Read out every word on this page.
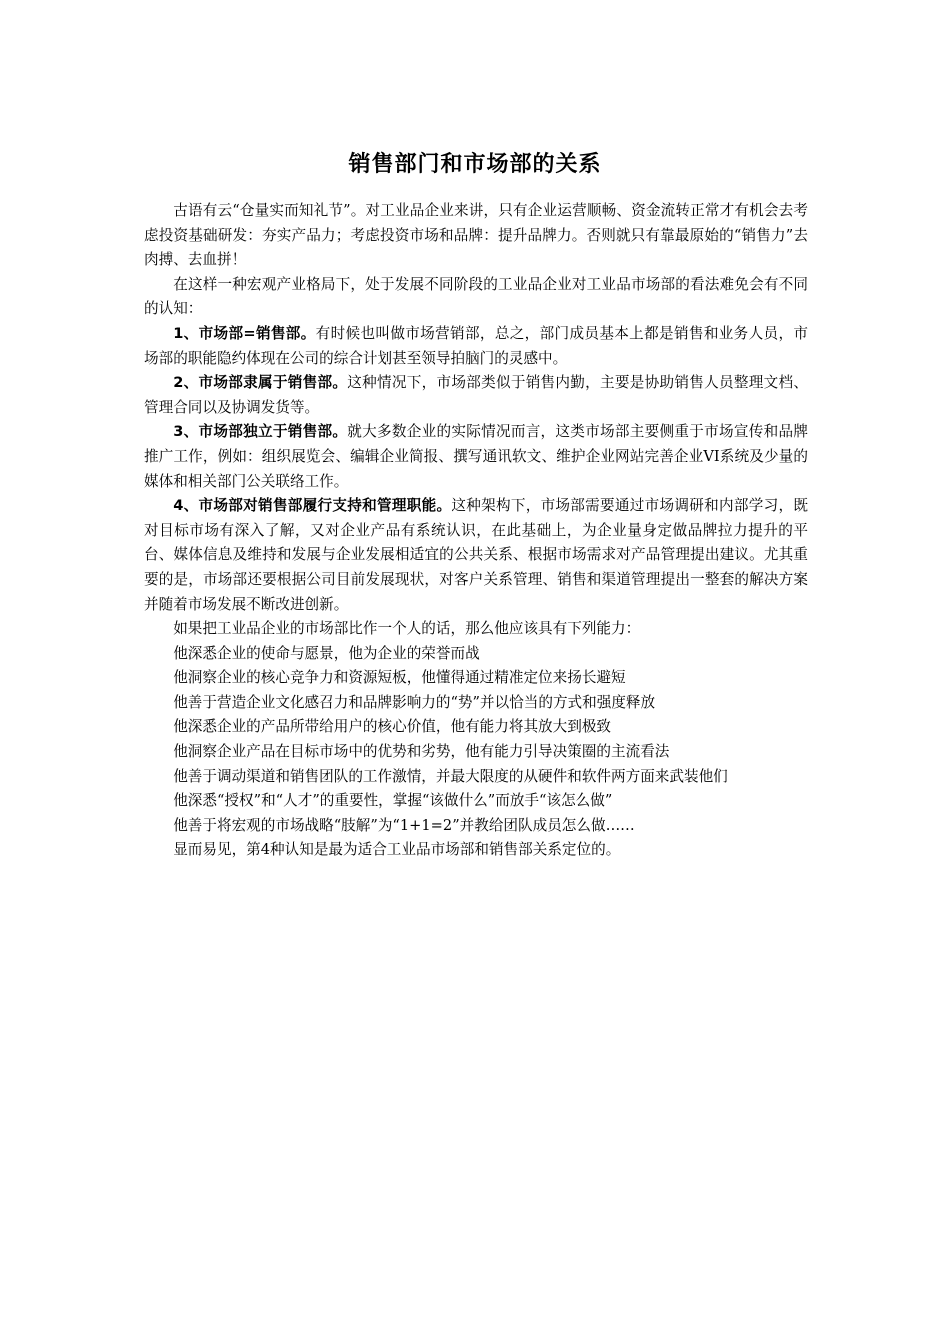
销售部门和市场部的关系

古语有云“仓量实而知礼节”。对工业品企业来讲，只有企业运营顺畅、资金流转正常才有机会去考虑投资基础研发：夯实产品力；考虑投资市场和品牌：提升品牌力。否则就只有靠最原始的“销售力”去肉搏、去血拼！

在这样一种宏观产业格局下，处于发展不同阶段的工业品企业对工业品市场部的看法难免会有不同的认知：

1、市场部=销售部。有时候也叫做市场营销部，总之，部门成员基本上都是销售和业务人员，市场部的职能隐约体现在公司的综合计划甚至领导拍脑门的灵感中。

2、市场部隶属于销售部。这种情况下，市场部类似于销售内勤，主要是协助销售人员整理文档、管理合同以及协调发货等。

3、市场部独立于销售部。就大多数企业的实际情况而言，这类市场部主要侧重于市场宣传和品牌推广工作，例如：组织展览会、编辑企业简报、撰写通讯软文、维护企业网站完善企业VI系统及少量的媒体和相关部门公关联络工作。

4、市场部对销售部履行支持和管理职能。这种架构下，市场部需要通过市场调研和内部学习，既对目标市场有深入了解，又对企业产品有系统认识，在此基础上，为企业量身定做品牌拉力提升的平台、媒体信息及维持和发展与企业发展相适宜的公共关系、根据市场需求对产品管理提出建议。尤其重要的是，市场部还要根据公司目前发展现状，对客户关系管理、销售和渠道管理提出一整套的解决方案并随着市场发展不断改进创新。

如果把工业品企业的市场部比作一个人的话，那么他应该具有下列能力：

他深悉企业的使命与愿景，他为企业的荣誉而战

他洞察企业的核心竞争力和资源短板，他懂得通过精准定位来扬长避短

他善于营造企业文化感召力和品牌影响力的“势”并以恰当的方式和强度释放

他深悉企业的产品所带给用户的核心价值，他有能力将其放大到极致

他洞察企业产品在目标市场中的优势和劣势，他有能力引导决策圈的主流看法

他善于调动渠道和销售团队的工作激情，并最大限度的从硬件和软件两方面来武装他们

他深悉“授权”和“人才”的重要性，掌握“该做什么”而放手“该怎么做”

他善于将宏观的市场战略“肢解”为“1+1=2”并教给团队成员怎么做……

显而易见，第4种认知是最为适合工业品市场部和销售部关系定位的。
